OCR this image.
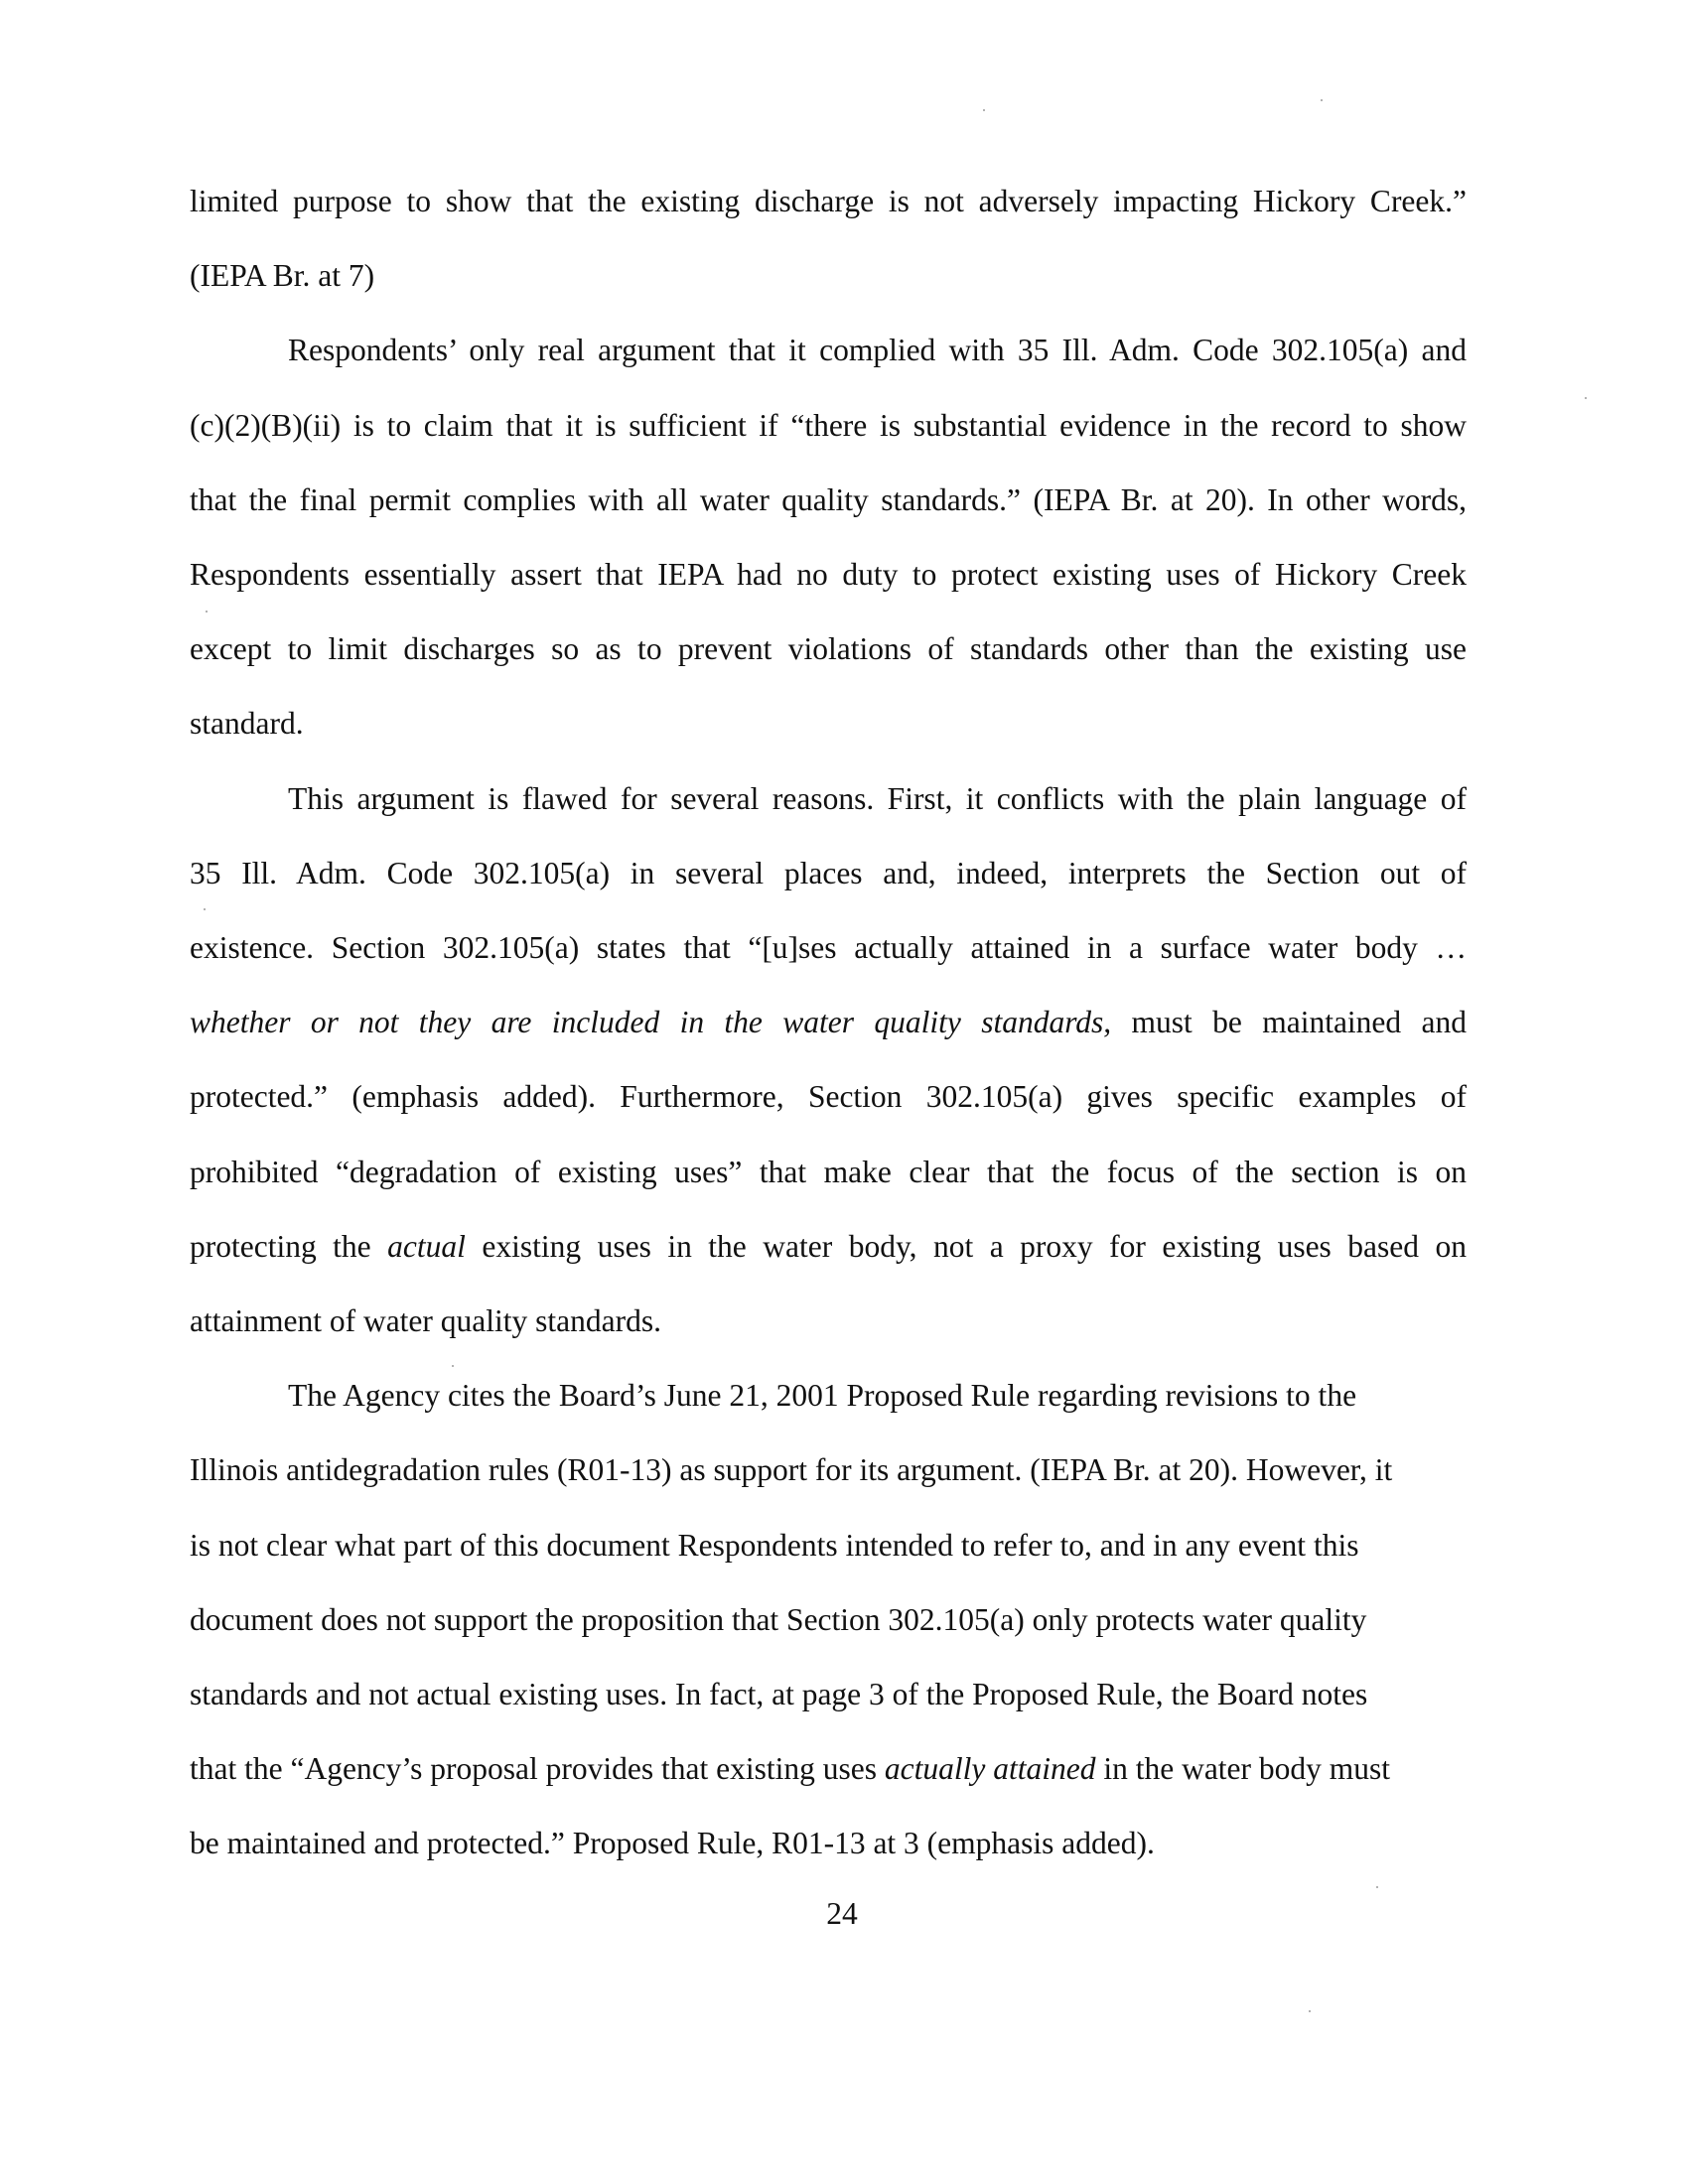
limited purpose to show that the existing discharge is not adversely impacting Hickory Creek.”
(IEPA Br. at 7)
Respondents’ only real argument that it complied with 35 Ill. Adm. Code 302.105(a) and
(c)(2)(B)(ii) is to claim that it is sufficient if “there is substantial evidence in the record to show
that the final permit complies with all water quality standards.” (IEPA Br. at 20). In other words,
Respondents essentially assert that IEPA had no duty to protect existing uses of Hickory Creek
except to limit discharges so as to prevent violations of standards other than the existing use
standard.
This argument is flawed for several reasons. First, it conflicts with the plain language of
35 Ill. Adm. Code 302.105(a) in several places and, indeed, interprets the Section out of
existence. Section 302.105(a) states that “[u]ses actually attained in a surface water body …
whether or not they are included in the water quality standards, must be maintained and
protected.” (emphasis added). Furthermore, Section 302.105(a) gives specific examples of
prohibited “degradation of existing uses” that make clear that the focus of the section is on
protecting the actual existing uses in the water body, not a proxy for existing uses based on
attainment of water quality standards.
The Agency cites the Board’s June 21, 2001 Proposed Rule regarding revisions to the
Illinois antidegradation rules (R01-13) as support for its argument. (IEPA Br. at 20). However, it
is not clear what part of this document Respondents intended to refer to, and in any event this
document does not support the proposition that Section 302.105(a) only protects water quality
standards and not actual existing uses. In fact, at page 3 of the Proposed Rule, the Board notes
that the “Agency’s proposal provides that existing uses actually attained in the water body must
be maintained and protected.” Proposed Rule, R01-13 at 3 (emphasis added).
24
